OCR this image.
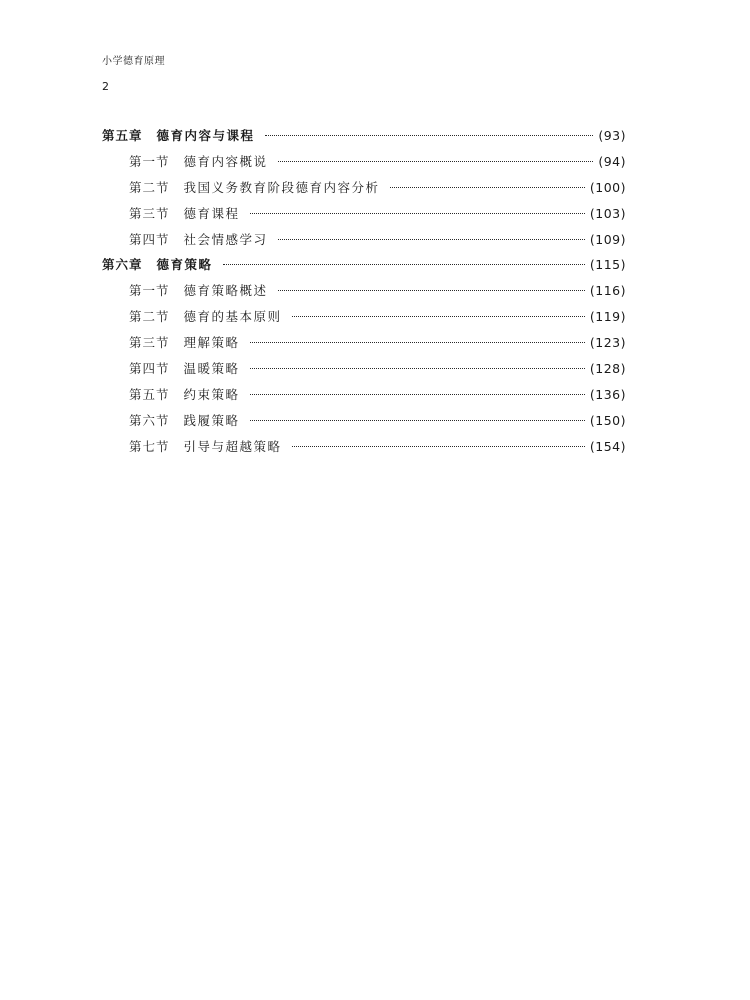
小学德育原理
2
第五章 德育内容与课程	(93)
第一节 德育内容概说	(94)
第二节 我国义务教育阶段德育内容分析	(100)
第三节 德育课程	(103)
第四节 社会情感学习	(109)
第六章 德育策略	(115)
第一节 德育策略概述	(116)
第二节 德育的基本原则	(119)
第三节 理解策略	(123)
第四节 温暖策略	(128)
第五节 约束策略	(136)
第六节 践履策略	(150)
第七节 引导与超越策略	(154)
